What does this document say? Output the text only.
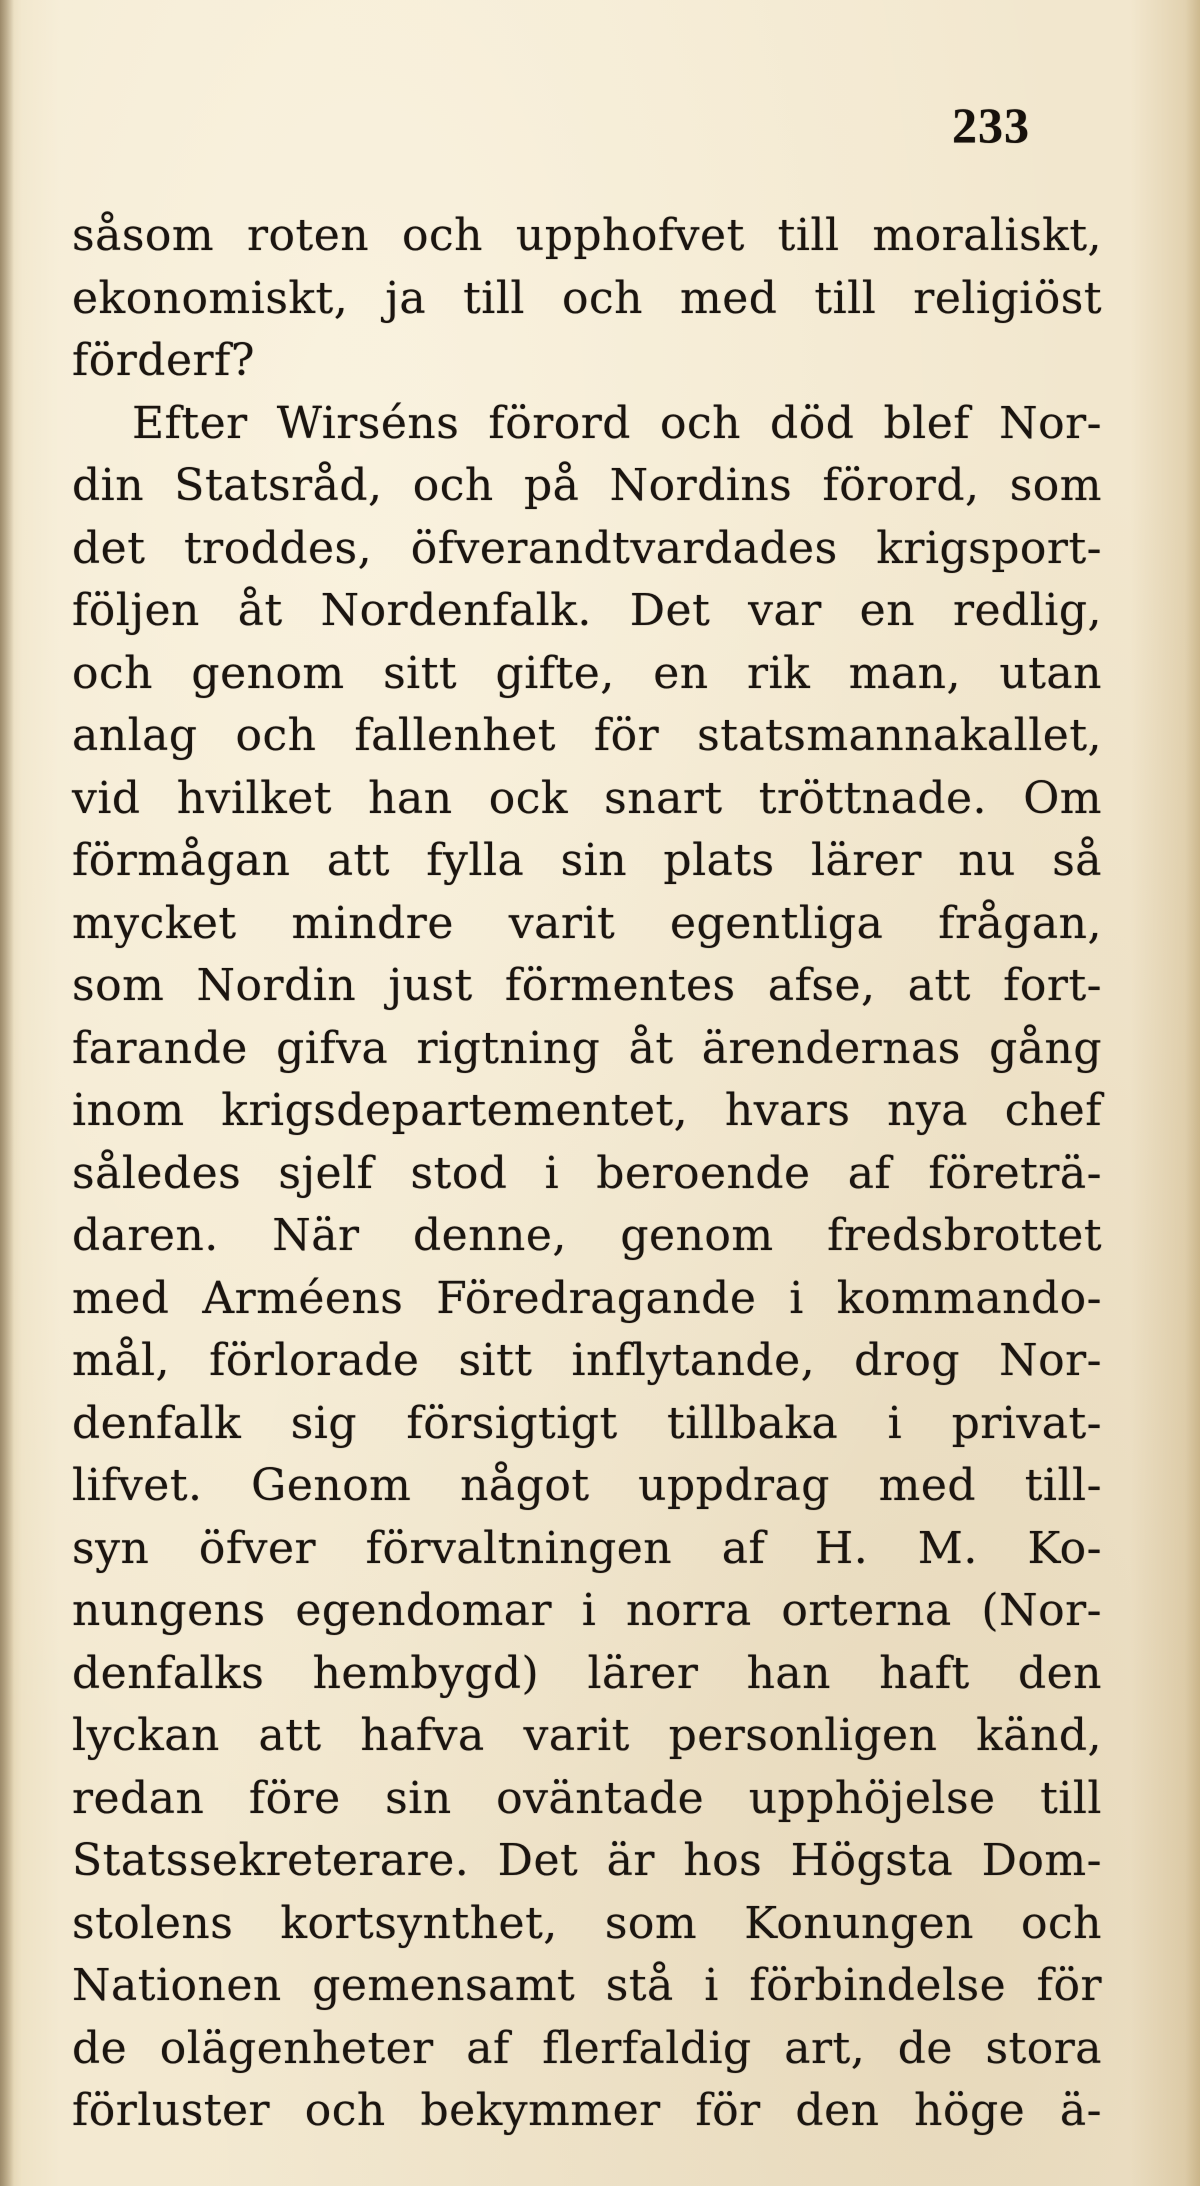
233
såsom roten och upphofvet till moraliskt,
ekonomiskt, ja till och med till religiöst
förderf?
Efter Wirséns förord och död blef Nor-
din Statsråd, och på Nordins förord, som
det troddes, öfverandtvardades krigsport-
följen åt Nordenfalk. Det var en redlig,
och genom sitt gifte, en rik man, utan
anlag och fallenhet för statsmannakallet,
vid hvilket han ock snart tröttnade. Om
förmågan att fylla sin plats lärer nu så
mycket mindre varit egentliga frågan,
som Nordin just förmentes afse, att fort-
farande gifva rigtning åt ärendernas gång
inom krigsdepartementet, hvars nya chef
således sjelf stod i beroende af företrä-
daren. När denne, genom fredsbrottet
med Arméens Föredragande i kommando-
mål, förlorade sitt inflytande, drog Nor-
denfalk sig försigtigt tillbaka i privat-
lifvet. Genom något uppdrag med till-
syn öfver förvaltningen af H. M. Ko-
nungens egendomar i norra orterna (Nor-
denfalks hembygd) lärer han haft den
lyckan att hafva varit personligen känd,
redan före sin oväntade upphöjelse till
Statssekreterare. Det är hos Högsta Dom-
stolens kortsynthet, som Konungen och
Nationen gemensamt stå i förbindelse för
de olägenheter af flerfaldig art, de stora
förluster och bekymmer för den höge ä-
